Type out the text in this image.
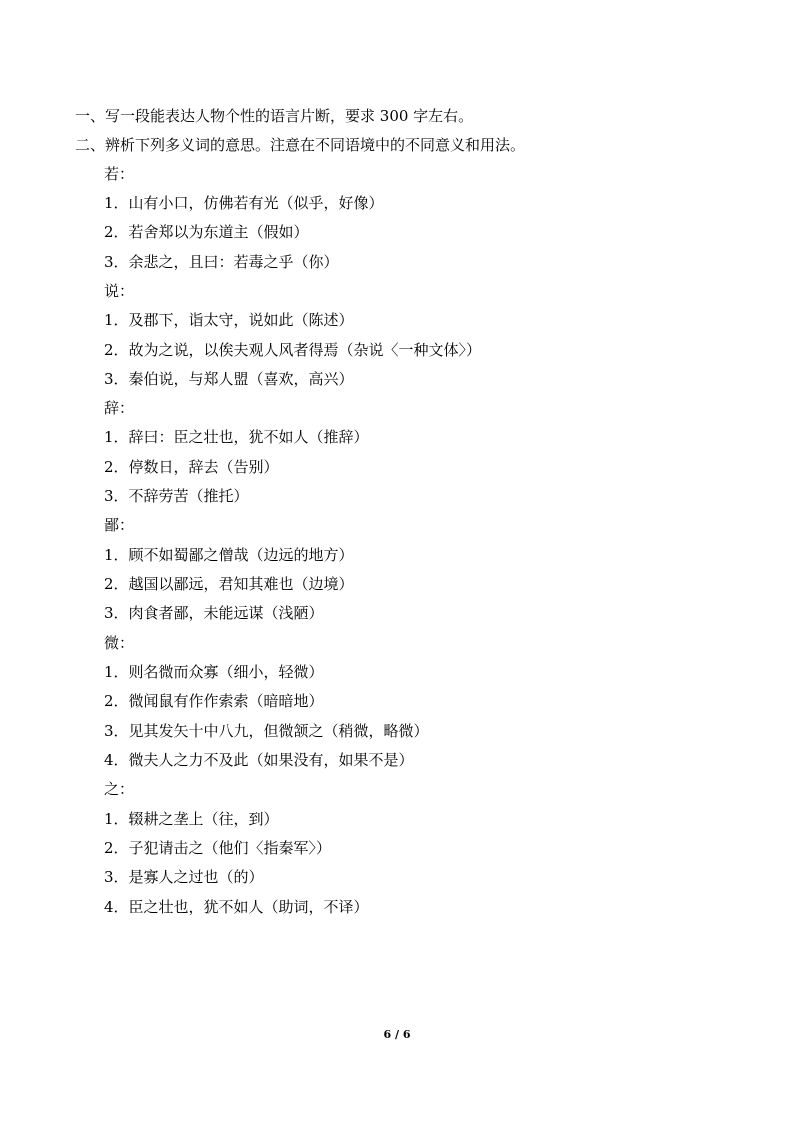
一、写一段能表达人物个性的语言片断，要求 300 字左右。
二、辨析下列多义词的意思。注意在不同语境中的不同意义和用法。
若：
1．山有小口，仿佛若有光（似乎，好像）
2．若舍郑以为东道主（假如）
3．余悲之，且曰：若毒之乎（你）
说：
1．及郡下，诣太守，说如此（陈述）
2．故为之说，以俟夫观人风者得焉（杂说〈一种文体〉）
3．秦伯说，与郑人盟（喜欢，高兴）
辞：
1．辞曰：臣之壮也，犹不如人（推辞）
2．停数日，辞去（告别）
3．不辞劳苦（推托）
鄙：
1．顾不如蜀鄙之僧哉（边远的地方）
2．越国以鄙远，君知其难也（边境）
3．肉食者鄙，未能远谋（浅陋）
微：
1．则名微而众寡（细小，轻微）
2．微闻鼠有作作索索（暗暗地）
3．见其发矢十中八九，但微颔之（稍微，略微）
4．微夫人之力不及此（如果没有，如果不是）
之：
1．辍耕之垄上（往，到）
2．子犯请击之（他们〈指秦军〉）
3．是寡人之过也（的）
4．臣之壮也，犹不如人（助词，不译）
6 / 6
